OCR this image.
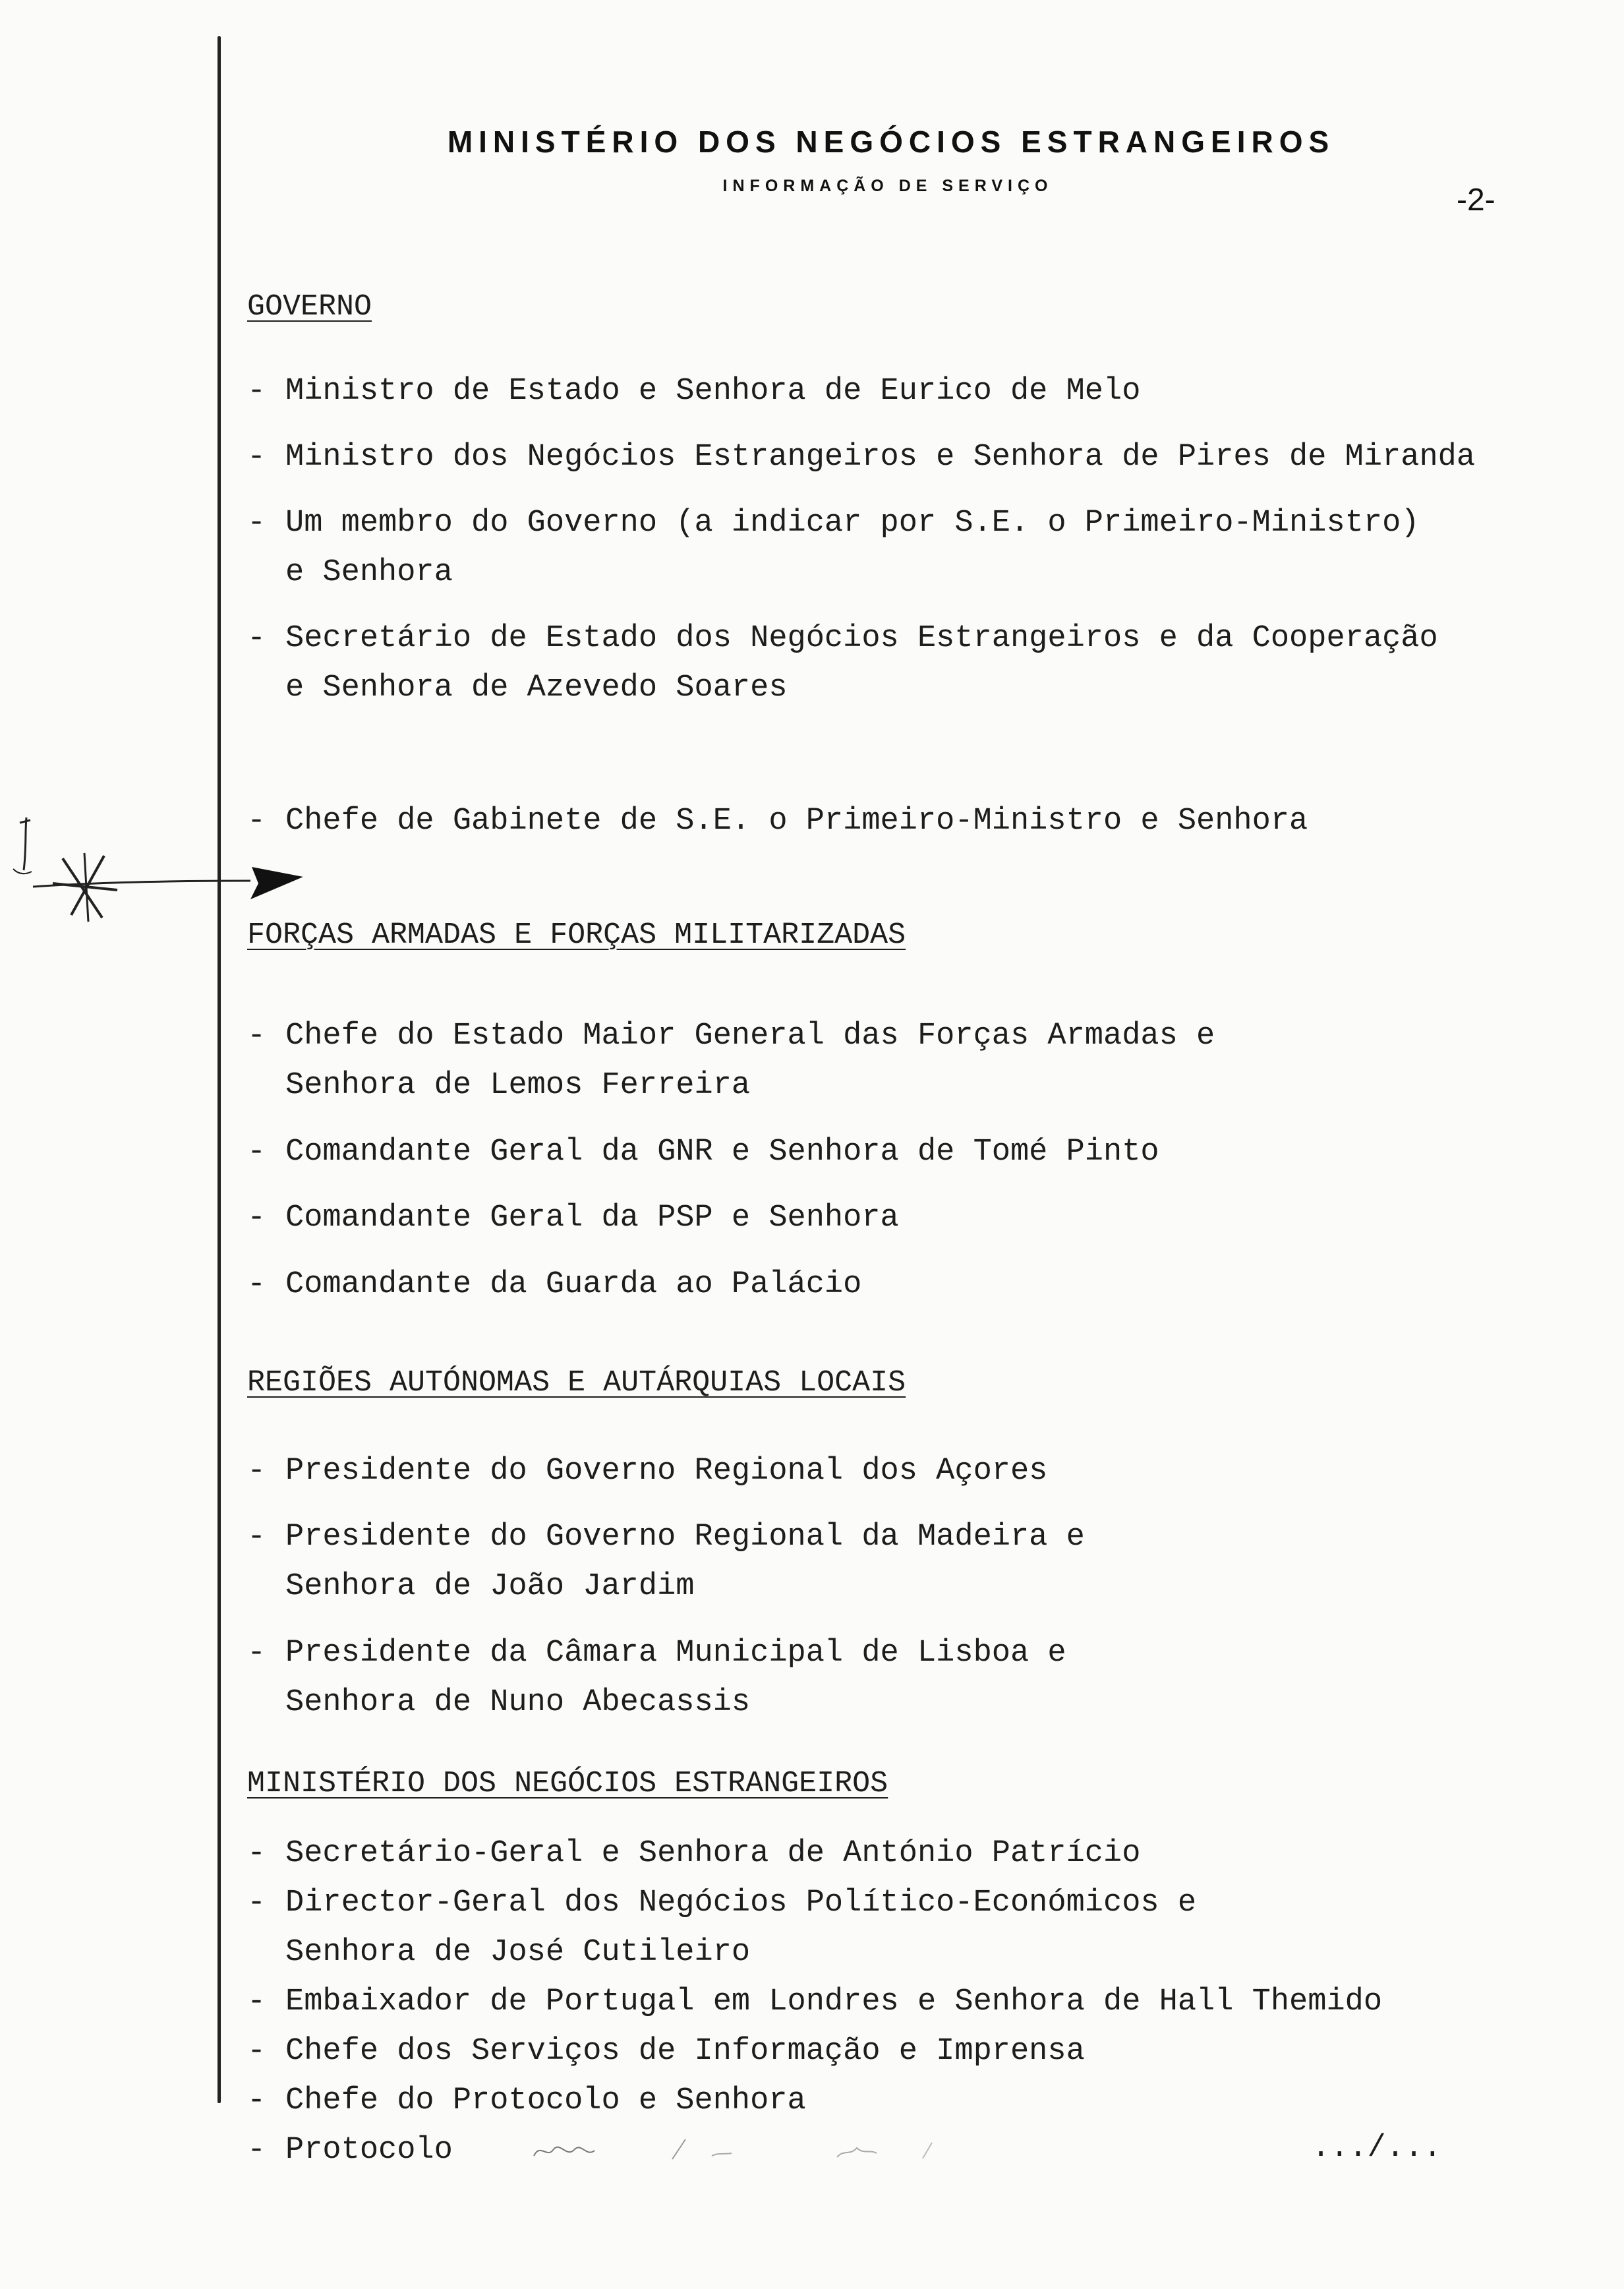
MINISTÉRIO DOS NEGÓCIOS ESTRANGEIROS
INFORMAÇÃO DE SERVIÇO	-2-
GOVERNO
- Ministro de Estado e Senhora de Eurico de Melo
- Ministro dos Negócios Estrangeiros e Senhora de Pires de Miranda
- Um membro do Governo (a indicar por S.E. o Primeiro-Ministro)
e Senhora
- Secretário de Estado dos Negócios Estrangeiros e da Cooperação
e Senhora de Azevedo Soares
- Chefe de Gabinete de S.E. o Primeiro-Ministro e Senhora
FORÇAS ARMADAS E FORÇAS MILITARIZADAS
- Chefe do Estado Maior General das Forças Armadas e
Senhora de Lemos Ferreira
- Comandante Geral da GNR e Senhora de Tomé Pinto
- Comandante Geral da PSP e Senhora
- Comandante da Guarda ao Palácio
REGIÕES AUTÓNOMAS E AUTÁRQUIAS LOCAIS
- Presidente do Governo Regional dos Açores
- Presidente do Governo Regional da Madeira e
Senhora de João Jardim
- Presidente da Câmara Municipal de Lisboa e
Senhora de Nuno Abecassis
MINISTÉRIO DOS NEGÓCIOS ESTRANGEIROS
- Secretário-Geral e Senhora de António Patrício
- Director-Geral dos Negócios Político-Económicos e
Senhora de José Cutileiro
- Embaixador de Portugal em Londres e Senhora de Hall Themido
- Chefe dos Serviços de Informação e Imprensa
- Chefe do Protocolo e Senhora
- Protocolo	.../...
